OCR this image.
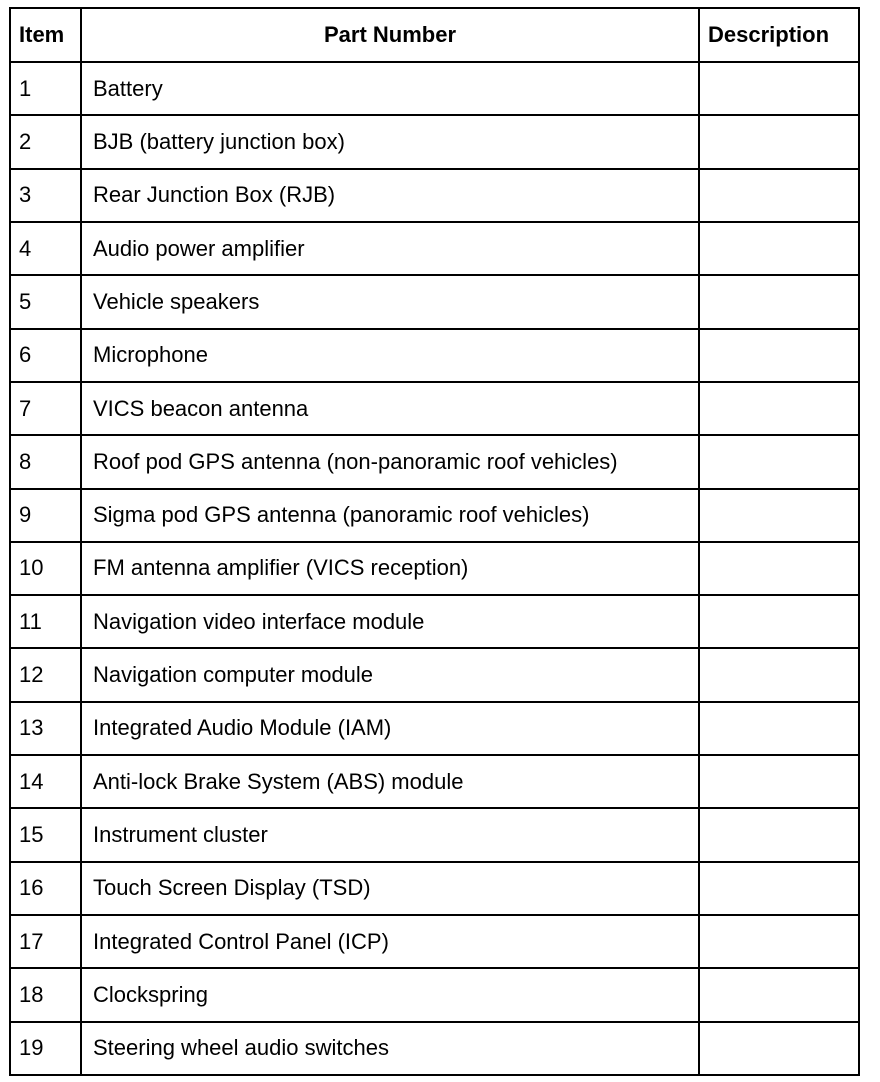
Item	Part Number	Description
1	Battery	
2	BJB (battery junction box)	
3	Rear Junction Box (RJB)	
4	Audio power amplifier	
5	Vehicle speakers	
6	Microphone	
7	VICS beacon antenna	
8	Roof pod GPS antenna (non-panoramic roof vehicles)	
9	Sigma pod GPS antenna (panoramic roof vehicles)	
10	FM antenna amplifier (VICS reception)	
11	Navigation video interface module	
12	Navigation computer module	
13	Integrated Audio Module (IAM)	
14	Anti-lock Brake System (ABS) module	
15	Instrument cluster	
16	Touch Screen Display (TSD)	
17	Integrated Control Panel (ICP)	
18	Clockspring	
19	Steering wheel audio switches	
